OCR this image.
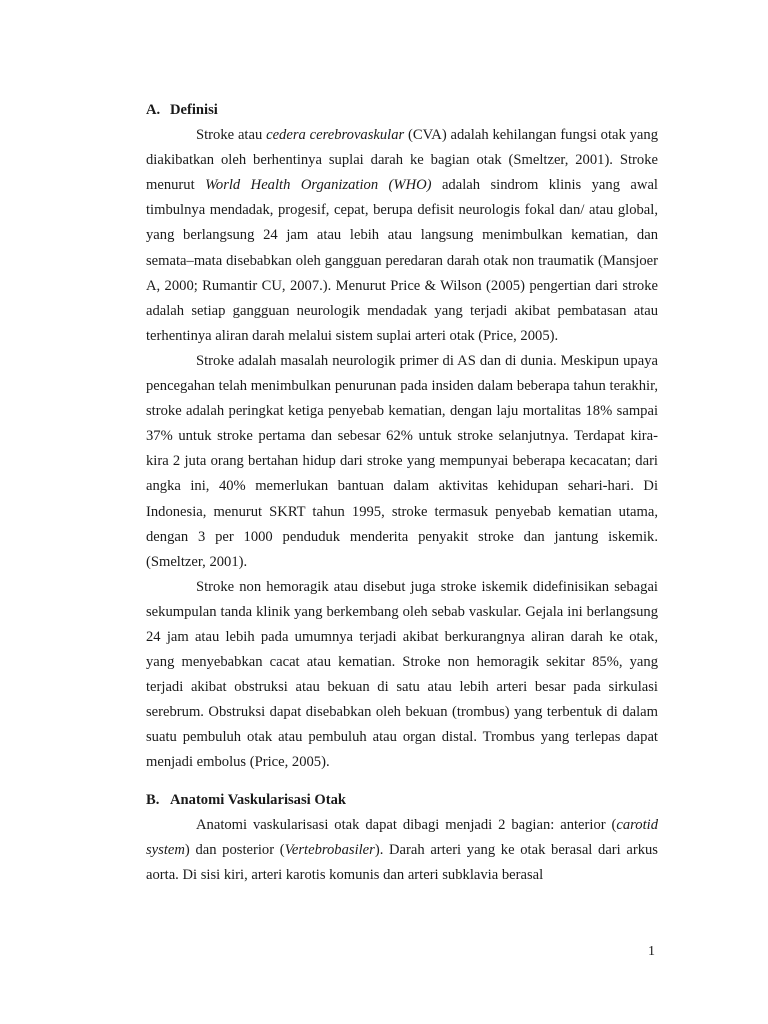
A. Definisi

Stroke atau cedera cerebrovaskular (CVA) adalah kehilangan fungsi otak yang diakibatkan oleh berhentinya suplai darah ke bagian otak (Smeltzer, 2001). Stroke menurut World Health Organization (WHO) adalah sindrom klinis yang awal timbulnya mendadak, progesif, cepat, berupa defisit neurologis fokal dan/ atau global, yang berlangsung 24 jam atau lebih atau langsung menimbulkan kematian, dan semata–mata disebabkan oleh gangguan peredaran darah otak non traumatik (Mansjoer A, 2000; Rumantir CU, 2007.). Menurut Price & Wilson (2005) pengertian dari stroke adalah setiap gangguan neurologik mendadak yang terjadi akibat pembatasan atau terhentinya aliran darah melalui sistem suplai arteri otak (Price, 2005).

Stroke adalah masalah neurologik primer di AS dan di dunia. Meskipun upaya pencegahan telah menimbulkan penurunan pada insiden dalam beberapa tahun terakhir, stroke adalah peringkat ketiga penyebab kematian, dengan laju mortalitas 18% sampai 37% untuk stroke pertama dan sebesar 62% untuk stroke selanjutnya. Terdapat kira-kira 2 juta orang bertahan hidup dari stroke yang mempunyai beberapa kecacatan; dari angka ini, 40% memerlukan bantuan dalam aktivitas kehidupan sehari-hari. Di Indonesia, menurut SKRT tahun 1995, stroke termasuk penyebab kematian utama, dengan 3 per 1000 penduduk menderita penyakit stroke dan jantung iskemik. (Smeltzer, 2001).

Stroke non hemoragik atau disebut juga stroke iskemik didefinisikan sebagai sekumpulan tanda klinik yang berkembang oleh sebab vaskular. Gejala ini berlangsung 24 jam atau lebih pada umumnya terjadi akibat berkurangnya aliran darah ke otak, yang menyebabkan cacat atau kematian. Stroke non hemoragik sekitar 85%, yang terjadi akibat obstruksi atau bekuan di satu atau lebih arteri besar pada sirkulasi serebrum. Obstruksi dapat disebabkan oleh bekuan (trombus) yang terbentuk di dalam suatu pembuluh otak atau pembuluh atau organ distal. Trombus yang terlepas dapat menjadi embolus (Price, 2005).

B. Anatomi Vaskularisasi Otak

Anatomi vaskularisasi otak dapat dibagi menjadi 2 bagian: anterior (carotid system) dan posterior (Vertebrobasiler). Darah arteri yang ke otak berasal dari arkus aorta. Di sisi kiri, arteri karotis komunis dan arteri subklavia berasal

1
